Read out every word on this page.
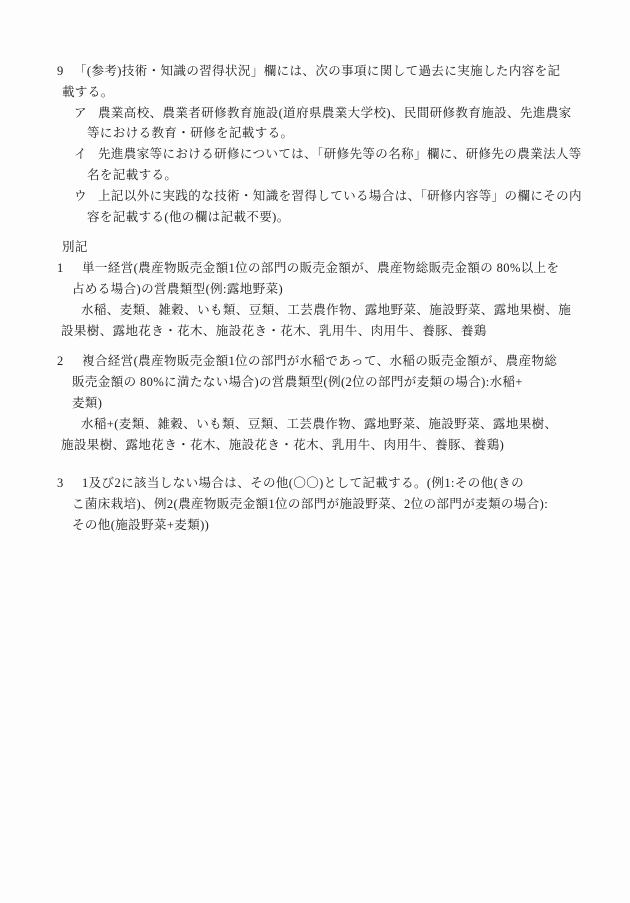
9 「(参考)技術・知識の習得状況」欄には、次の事項に関して過去に実施した内容を記
載する。
ア 農業高校、農業者研修教育施設(道府県農業大学校)、民間研修教育施設、先進農家
等における教育・研修を記載する。
イ 先進農家等における研修については、「研修先等の名称」欄に、研修先の農業法人等
名を記載する。
ウ 上記以外に実践的な技術・知識を習得している場合は、「研修内容等」の欄にその内
容を記載する(他の欄は記載不要)。
別記
1 単一経営(農産物販売金額1位の部門の販売金額が、農産物総販売金額の 80%以上を
占める場合)の営農類型(例:露地野菜)
水稲、麦類、雑穀、いも類、豆類、工芸農作物、露地野菜、施設野菜、露地果樹、施
設果樹、露地花き・花木、施設花き・花木、乳用牛、肉用牛、養豚、養鶏
2 複合経営(農産物販売金額1位の部門が水稲であって、水稲の販売金額が、農産物総
販売金額の 80%に満たない場合)の営農類型(例(2位の部門が麦類の場合):水稲+
麦類)
水稲+(麦類、雑穀、いも類、豆類、工芸農作物、露地野菜、施設野菜、露地果樹、
施設果樹、露地花き・花木、施設花き・花木、乳用牛、肉用牛、養豚、養鶏)
3 1及び2に該当しない場合は、その他(〇〇)として記載する。(例1:その他(きの
こ菌床栽培)、例2(農産物販売金額1位の部門が施設野菜、2位の部門が麦類の場合):
その他(施設野菜+麦類))
